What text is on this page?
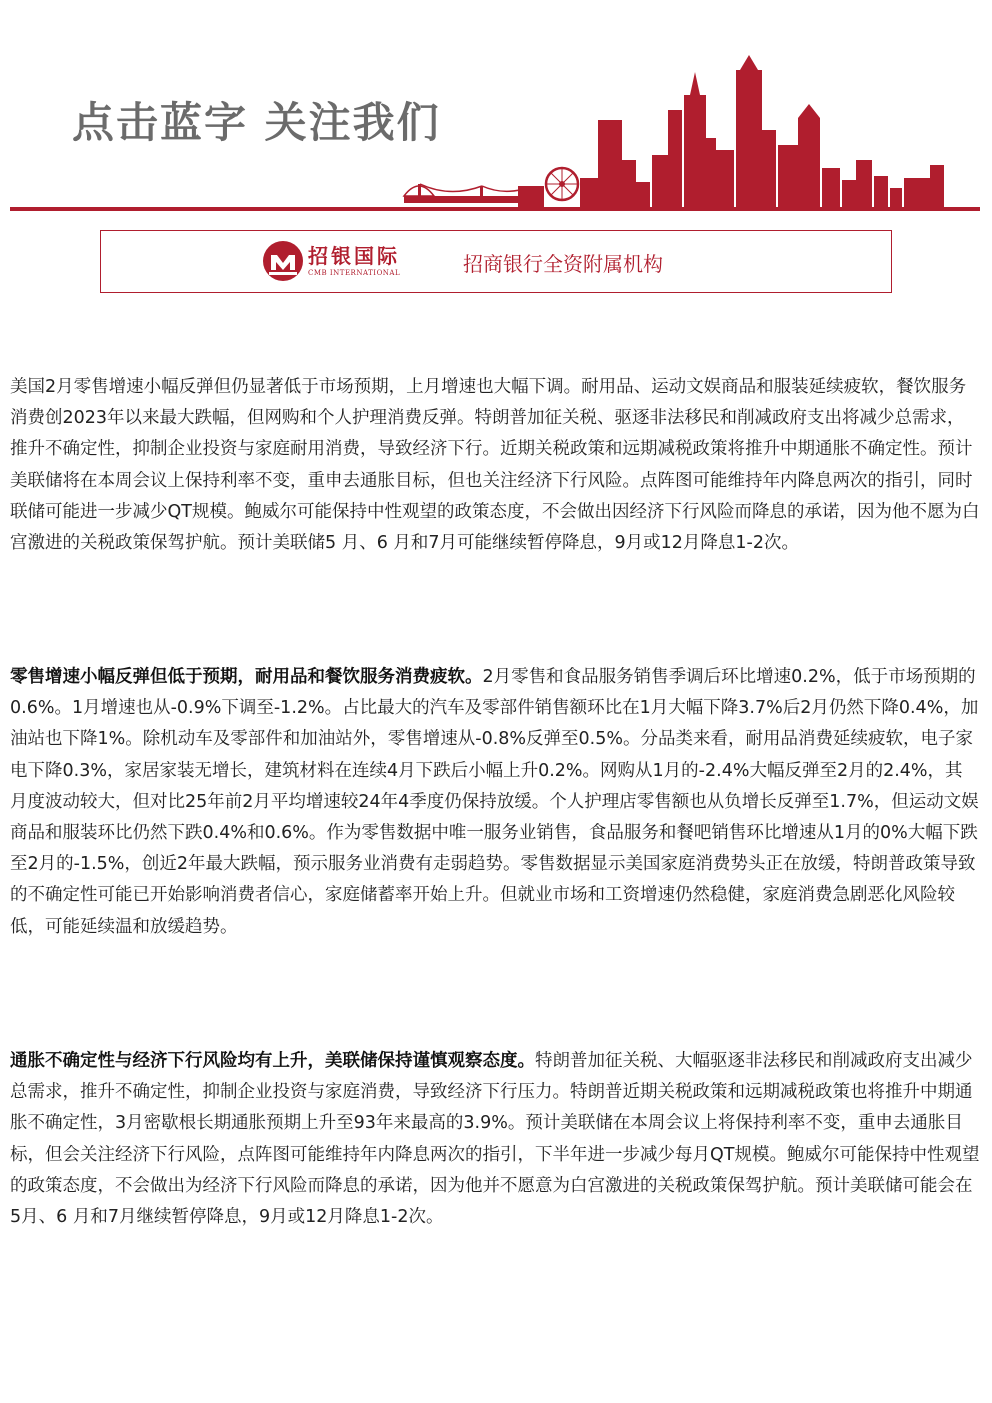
点击蓝字 关注我们
招银国际
CMB INTERNATIONAL	招商银行全资附属机构

美国2月零售增速小幅反弹但仍显著低于市场预期，上月增速也大幅下调。耐用品、运动文娱商品和服装延续疲软，餐饮服务消费创2023年以来最大跌幅，但网购和个人护理消费反弹。特朗普加征关税、驱逐非法移民和削减政府支出将减少总需求，推升不确定性，抑制企业投资与家庭耐用消费，导致经济下行。近期关税政策和远期减税政策将推升中期通胀不确定性。预计美联储将在本周会议上保持利率不变，重申去通胀目标，但也关注经济下行风险。点阵图可能维持年内降息两次的指引，同时联储可能进一步减少QT规模。鲍威尔可能保持中性观望的政策态度，不会做出因经济下行风险而降息的承诺，因为他不愿为白宫激进的关税政策保驾护航。预计美联储5 月、6 月和7月可能继续暂停降息，9月或12月降息1-2次。

零售增速小幅反弹但低于预期，耐用品和餐饮服务消费疲软。2月零售和食品服务销售季调后环比增速0.2%，低于市场预期的0.6%。1月增速也从-0.9%下调至-1.2%。占比最大的汽车及零部件销售额环比在1月大幅下降3.7%后2月仍然下降0.4%，加油站也下降1%。除机动车及零部件和加油站外，零售增速从-0.8%反弹至0.5%。分品类来看，耐用品消费延续疲软，电子家电下降0.3%，家居家装无增长，建筑材料在连续4月下跌后小幅上升0.2%。网购从1月的-2.4%大幅反弹至2月的2.4%，其月度波动较大，但对比25年前2月平均增速较24年4季度仍保持放缓。个人护理店零售额也从负增长反弹至1.7%，但运动文娱商品和服装环比仍然下跌0.4%和0.6%。作为零售数据中唯一服务业销售，食品服务和餐吧销售环比增速从1月的0%大幅下跌至2月的-1.5%，创近2年最大跌幅，预示服务业消费有走弱趋势。零售数据显示美国家庭消费势头正在放缓，特朗普政策导致的不确定性可能已开始影响消费者信心，家庭储蓄率开始上升。但就业市场和工资增速仍然稳健，家庭消费急剧恶化风险较低，可能延续温和放缓趋势。

通胀不确定性与经济下行风险均有上升，美联储保持谨慎观察态度。特朗普加征关税、大幅驱逐非法移民和削减政府支出减少总需求，推升不确定性，抑制企业投资与家庭消费，导致经济下行压力。特朗普近期关税政策和远期减税政策也将推升中期通胀不确定性，3月密歇根长期通胀预期上升至93年来最高的3.9%。预计美联储在本周会议上将保持利率不变，重申去通胀目标，但会关注经济下行风险，点阵图可能维持年内降息两次的指引，下半年进一步减少每月QT规模。鲍威尔可能保持中性观望的政策态度，不会做出为经济下行风险而降息的承诺，因为他并不愿意为白宫激进的关税政策保驾护航。预计美联储可能会在5月、6 月和7月继续暂停降息，9月或12月降息1-2次。
